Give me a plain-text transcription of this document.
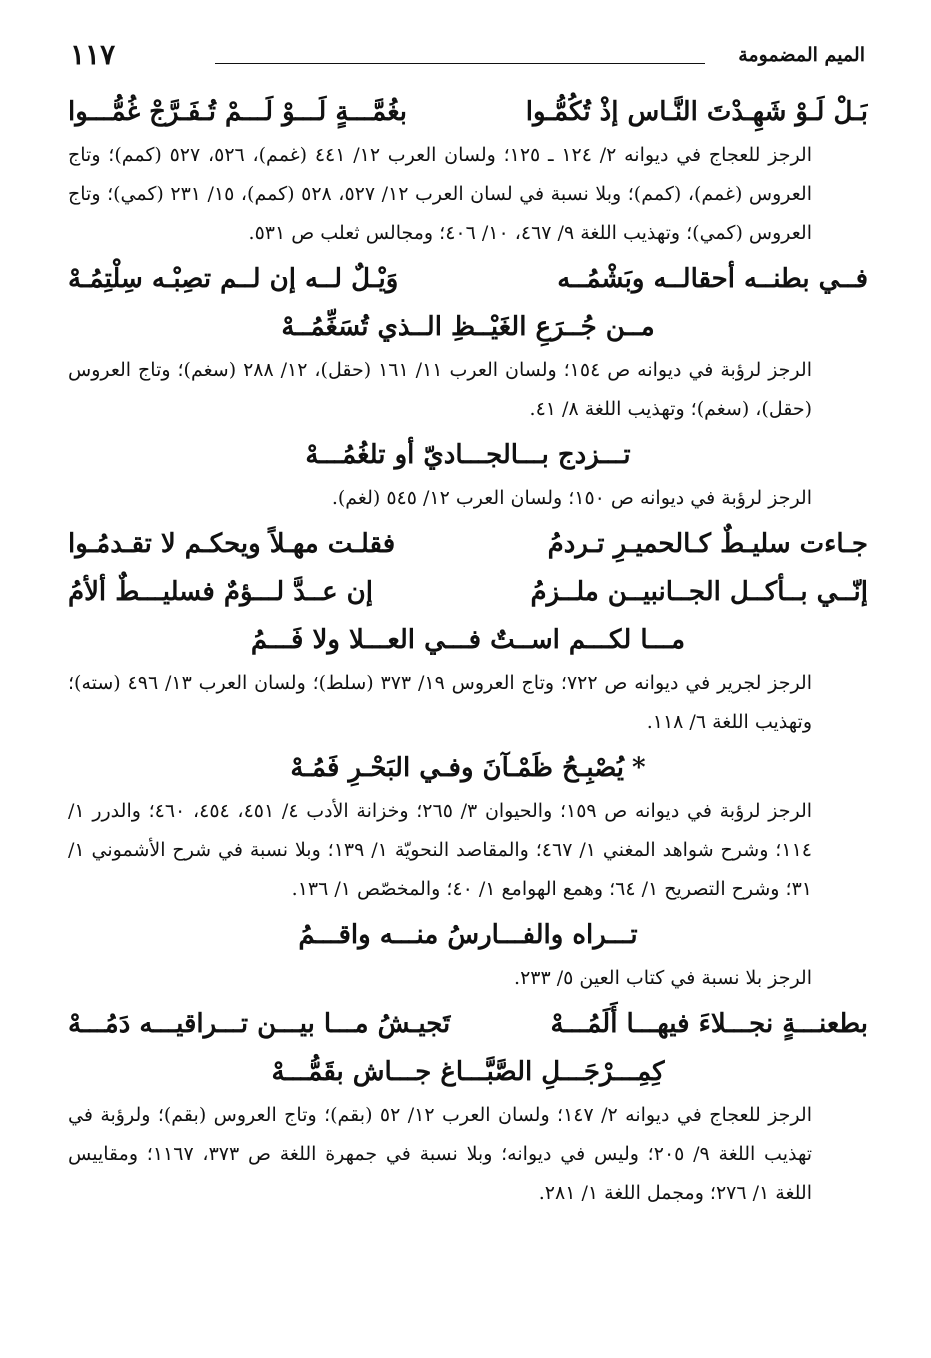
الميم المضمومة
١١٧
بَـلْ لَـوْ شَهِـدْتَ النَّـاس إذْ تُكُمُّـوا
بغُمَّـــةٍ لَـــوْ لَـــمْ تُـفَـرَّجْ غُمُّـــوا
الرجز للعجاج في ديوانه ٢/ ١٢٤ ـ ١٢٥؛ ولسان العرب ١٢/ ٤٤١ (غمم)، ٥٢٦، ٥٢٧ (كمم)؛ وتاج العروس (غمم)، (كمم)؛ وبلا نسبة في لسان العرب ١٢/ ٥٢٧، ٥٢٨ (كمم)، ١٥/ ٢٣١ (كمي)؛ وتاج العروس (كمي)؛ وتهذيب اللغة ٩/ ٤٦٧، ١٠/ ٤٠٦؛ ومجالس ثعلب ص ٥٣١.
فــي بطنــه أحقالــه وبَشْمُــه
وَيْـلٌ لــه إن لــم تصِبْـه سِلْتِمُـهْ
مــن جُــرَعِ الغَيْــظِ الــذي تُسَغِّمُــهْ
الرجز لرؤبة في ديوانه ص ١٥٤؛ ولسان العرب ١١/ ١٦١ (حقل)، ١٢/ ٢٨٨ (سغم)؛ وتاج العروس (حقل)، (سغم)؛ وتهذيب اللغة ٨/ ٤١.
تـــزدج بـــالجـــاديّ أو تلغُمُـــهْ
الرجز لرؤبة في ديوانه ص ١٥٠؛ ولسان العرب ١٢/ ٥٤٥ (لغم).
جـاءت سليـطٌ كـالحميـرِ تـردمُ
فقلـت مهـلاً ويحكـم لا تقـدمُـوا
إنّــي بــأكــل الجــانبيــن ملــزمُ
إن عــدَّ لـــؤمٌ فسليـــطٌ ألأمُ
مـــا لكـــم اســتٌ فـــي العـــلا ولا فَـــمُ
الرجز لجرير في ديوانه ص ٧٢٢؛ وتاج العروس ١٩/ ٣٧٣ (سلط)؛ ولسان العرب ١٣/ ٤٩٦ (سته)؛ وتهذيب اللغة ٦/ ١١٨.
*يُصْبِـحُ ظَمْـآنَ وفـي البَحْـرِ فَمُـهْ
الرجز لرؤبة في ديوانه ص ١٥٩؛ والحيوان ٣/ ٢٦٥؛ وخزانة الأدب ٤/ ٤٥١، ٤٥٤، ٤٦٠؛ والدرر ١/ ١١٤؛ وشرح شواهد المغني ١/ ٤٦٧؛ والمقاصد النحويّة ١/ ١٣٩؛ وبلا نسبة في شرح الأشموني ١/ ٣١؛ وشرح التصريح ١/ ٦٤؛ وهمع الهوامع ١/ ٤٠؛ والمخصّص ١/ ١٣٦.
تـــراه والفـــارسُ منـــه واقـــمُ
الرجز بلا نسبة في كتاب العين ٥/ ٢٣٣.
بطعنـــةٍ نجـــلاءَ فيهـــا أَلَمُـــهْ
تَجيـشُ مـــا بيـــن تـــراقيـــه دَمُـــهْ
كِمِـــرْجَـــلِ الصَّبَّـــاغ جـــاش بقَمُّـــهْ
الرجز للعجاج في ديوانه ٢/ ١٤٧؛ ولسان العرب ١٢/ ٥٢ (بقم)؛ وتاج العروس (بقم)؛ ولرؤبة في تهذيب اللغة ٩/ ٢٠٥؛ وليس في ديوانه؛ وبلا نسبة في جمهرة اللغة ص ٣٧٣، ١١٦٧؛ ومقاييس اللغة ١/ ٢٧٦؛ ومجمل اللغة ١/ ٢٨١.
